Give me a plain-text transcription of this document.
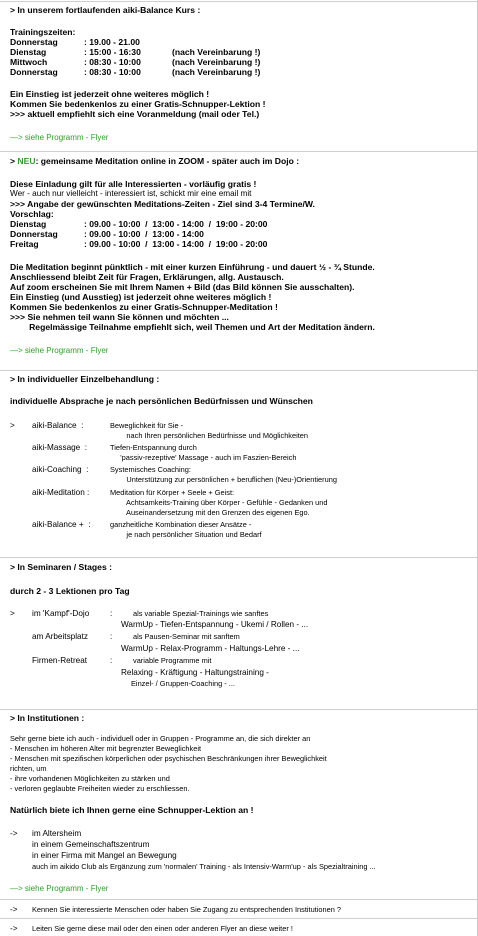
> In unserem fortlaufenden aiki-Balance Kurs :
Trainingszeiten:
Donnerstag	: 19.00 - 21.00
Dienstag	: 15:00 - 16:30	(nach Vereinbarung !)
Mittwoch	: 08:30 - 10:00	(nach Vereinbarung !)
Donnerstag	: 08:30 - 10:00	(nach Vereinbarung !)
Ein Einstieg ist jederzeit ohne weiteres möglich !
Kommen Sie bedenkenlos zu einer Gratis-Schnupper-Lektion !
>>> aktuell empfiehlt sich eine Voranmeldung (mail oder Tel.)
—> siehe Programm - Flyer
> NEU: gemeinsame Meditation online in ZOOM - später auch im Dojo :
Diese Einladung gilt für alle Interessierten - vorläufig gratis !
Wer - auch nur vielleicht - interessiert ist, schickt mir eine email mit
>>> Angabe der gewünschten Meditations-Zeiten - Ziel sind 3-4 Termine/W.
Vorschlag:
Dienstag	: 09.00 - 10:00  /  13:00 - 14:00  /  19:00 - 20:00
Donnerstag	: 09.00 - 10:00  /  13:00 - 14:00
Freitag	: 09.00 - 10:00  /  13:00 - 14:00  /  19:00 - 20:00
Die Meditation beginnt pünktlich - mit einer kurzen Einführung - und dauert ½ - ¾ Stunde.
Anschliessend bleibt Zeit für Fragen, Erklärungen, allg. Austausch.
Auf zoom erscheinen Sie mit Ihrem Namen + Bild (das Bild können Sie ausschalten).
Ein Einstieg (und Ausstieg) ist jederzeit ohne weiteres möglich !
Kommen Sie bedenkenlos zu einer Gratis-Schnupper-Meditation !
>>> Sie nehmen teil wann Sie können und möchten ...
Regelmässige Teilnahme empfiehlt sich, weil Themen und Art der Meditation ändern.
—> siehe Programm - Flyer
> In individueller Einzelbehandlung :
individuelle Absprache je nach persönlichen Bedürfnissen und Wünschen
> aiki-Balance  :	Beweglichkeit für Sie -
nach Ihren persönlichen Bedürfnisse und Möglichkeiten
aiki-Massage  :	Tiefen-Entspannung durch
'passiv-rezeptive' Massage - auch im Faszien-Bereich
aiki-Coaching  :	Systemisches Coaching:
Unterstützung zur persönlichen + beruflichen (Neu-)Orientierung
aiki-Meditation :	Meditation für Körper + Seele + Geist:
Achtsamkeits-Training über Körper - Gefühle - Gedanken und
Auseinandersetzung mit den Grenzen des eigenen Ego.
aiki-Balance +  :	ganzheitliche Kombination dieser Ansätze -
je nach persönlicher Situation und Bedarf
> In Seminaren / Stages :
durch 2 - 3 Lektionen pro Tag
> im 'Kampf'-Dojo	:	als variable Spezial-Trainings wie sanftes
WarmUp - Tiefen-Entspannung - Ukemi / Rollen - ...
am Arbeitsplatz	:	als Pausen-Seminar mit sanftem
WarmUp - Relax-Programm - Haltungs-Lehre - ...
Firmen-Retreat	:	variable Programme mit
Relaxing - Kräftigung - Haltungstraining -
Einzel- / Gruppen-Coaching - ...
> In Institutionen :
Sehr gerne biete ich auch - individuell oder in Gruppen - Programme an, die sich direkter an
- Menschen im höheren Alter mit begrenzter Beweglichkeit
- Menschen mit spezifischen körperlichen oder psychischen Beschränkungen ihrer Beweglichkeit
richten, um
- ihre vorhandenen Möglichkeiten zu stärken und
- verloren geglaubte Freiheiten wieder zu erschliessen.
Natürlich biete ich Ihnen gerne eine Schnupper-Lektion an !
-> im Altersheim
in einem Gemeinschaftszentrum
in einer Firma mit Mangel an Bewegung
auch im aikido Club als Ergänzung zum 'normalen' Training - als Intensiv-Warm'up - als Spezialtraining ...
—> siehe Programm - Flyer
-> Kennen Sie interessierte Menschen oder haben Sie Zugang zu entsprechenden Institutionen ?
-> Leiten Sie gerne diese mail oder den einen oder anderen Flyer an diese weiter !
